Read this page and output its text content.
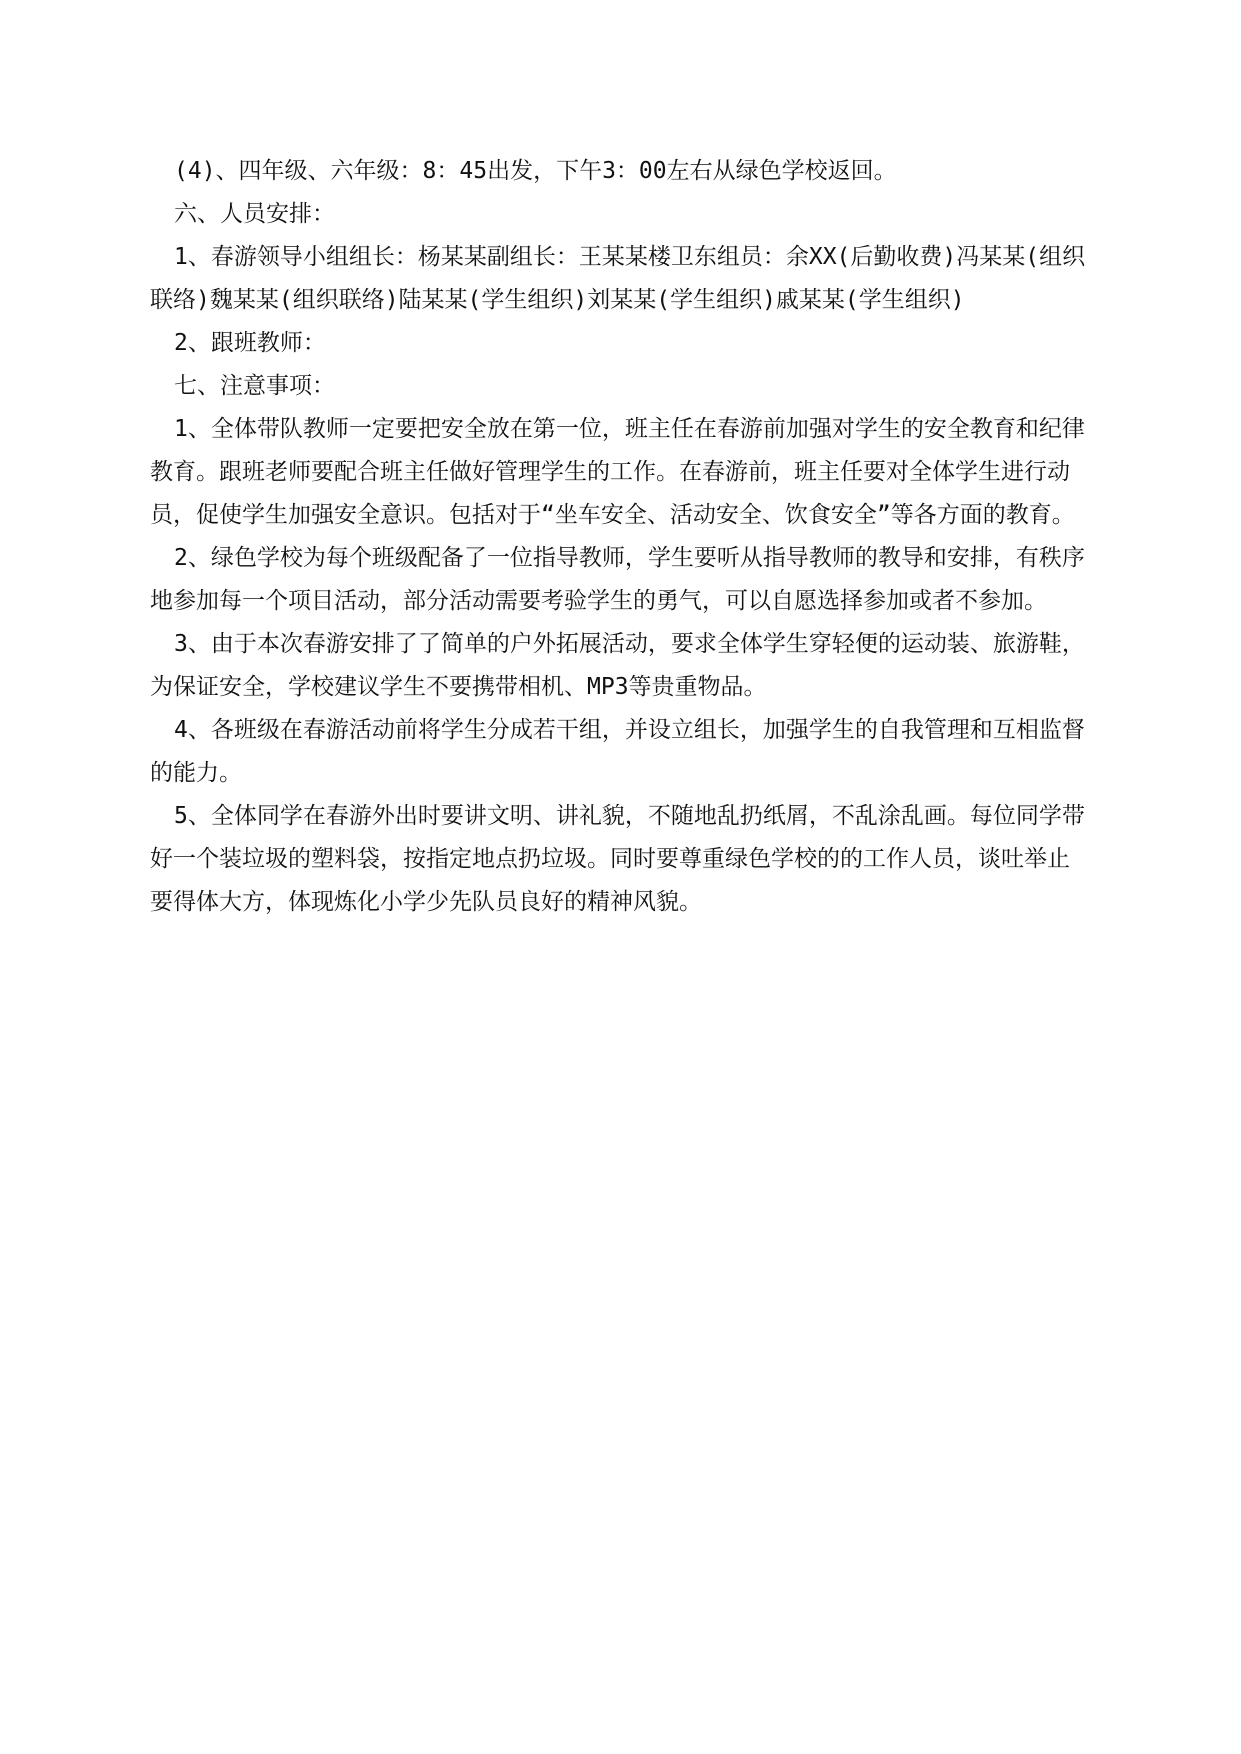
(4)、四年级、六年级：8：45出发，下午3：00左右从绿色学校返回。

六、人员安排：

1、春游领导小组组长：杨某某副组长：王某某楼卫东组员：余XX(后勤收费)冯某某(组织联络)魏某某(组织联络)陆某某(学生组织)刘某某(学生组织)戚某某(学生组织)

2、跟班教师：

七、注意事项：

1、全体带队教师一定要把安全放在第一位，班主任在春游前加强对学生的安全教育和纪律教育。跟班老师要配合班主任做好管理学生的工作。在春游前，班主任要对全体学生进行动员，促使学生加强安全意识。包括对于“坐车安全、活动安全、饮食安全”等各方面的教育。

2、绿色学校为每个班级配备了一位指导教师，学生要听从指导教师的教导和安排，有秩序地参加每一个项目活动，部分活动需要考验学生的勇气，可以自愿选择参加或者不参加。

3、由于本次春游安排了了简单的户外拓展活动，要求全体学生穿轻便的运动装、旅游鞋，为保证安全，学校建议学生不要携带相机、MP3等贵重物品。

4、各班级在春游活动前将学生分成若干组，并设立组长，加强学生的自我管理和互相监督的能力。

5、全体同学在春游外出时要讲文明、讲礼貌，不随地乱扔纸屑，不乱涂乱画。每位同学带好一个装垃圾的塑料袋，按指定地点扔垃圾。同时要尊重绿色学校的的工作人员，谈吐举止要得体大方，体现炼化小学少先队员良好的精神风貌。
